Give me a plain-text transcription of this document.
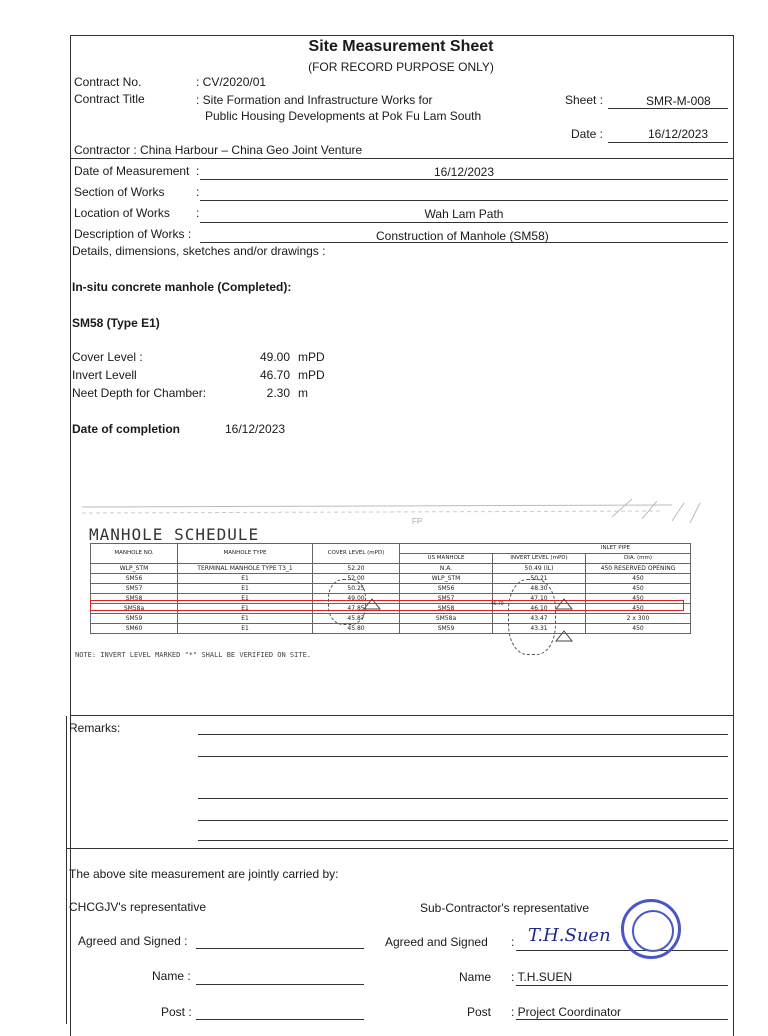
Site Measurement Sheet
(FOR RECORD PURPOSE ONLY)
Contract No.	: CV/2020/01
Contract Title	: Site Formation and Infrastructure Works for
Public Housing Developments at Pok Fu Lam South
Sheet :	SMR-M-008
Date :	16/12/2023
Contractor : China Harbour – China Geo Joint Venture
Date of Measurement :	16/12/2023
Section of Works	:
Location of Works :	Wah Lam Path
Description of Works :	Construction of Manhole (SM58)
Details, dimensions, sketches and/or drawings :
In-situ concrete manhole (Completed):
SM58 (Type E1)
Cover Level :	49.00 mPD
Invert Levell	46.70 mPD
Neet Depth for Chamber:	2.30 m
Date of completion	16/12/2023
FP
MANHOLE SCHEDULE
MANHOLE NO.	MANHOLE TYPE	COVER LEVEL (mPD)	INLET PIPE		
			US MANHOLE	INVERT LEVEL (mPD)	DIA. (mm)
WLP_STM	TERMINAL MANHOLE TYPE T3_1	52.20	N.A.	50.49 (IL)	450 RESERVED OPENING
SM56	E1	52.00	WLP_STM	50.21	450
SM57	E1	50.25	SM56	48.30	450
SM58	E1	49.00	SM57	47.10	450
SM58a	E1	47.85	SM58	46.10	450
SM59	E1	45.87	SM58a	43.47	2 x 300
SM60	E1	45.80	SM59	43.31	450
46.70
NOTE: INVERT LEVEL MARKED "*" SHALL BE VERIFIED ON SITE.
Remarks:
The above site measurement are jointly carried by:
CHCGJV's representative	Sub-Contractor's representative
Agreed and Signed :	Agreed and Signed : T.H.Suen
Name :	Name : T.H.SUEN
Post :	Post : Project Coordinator
